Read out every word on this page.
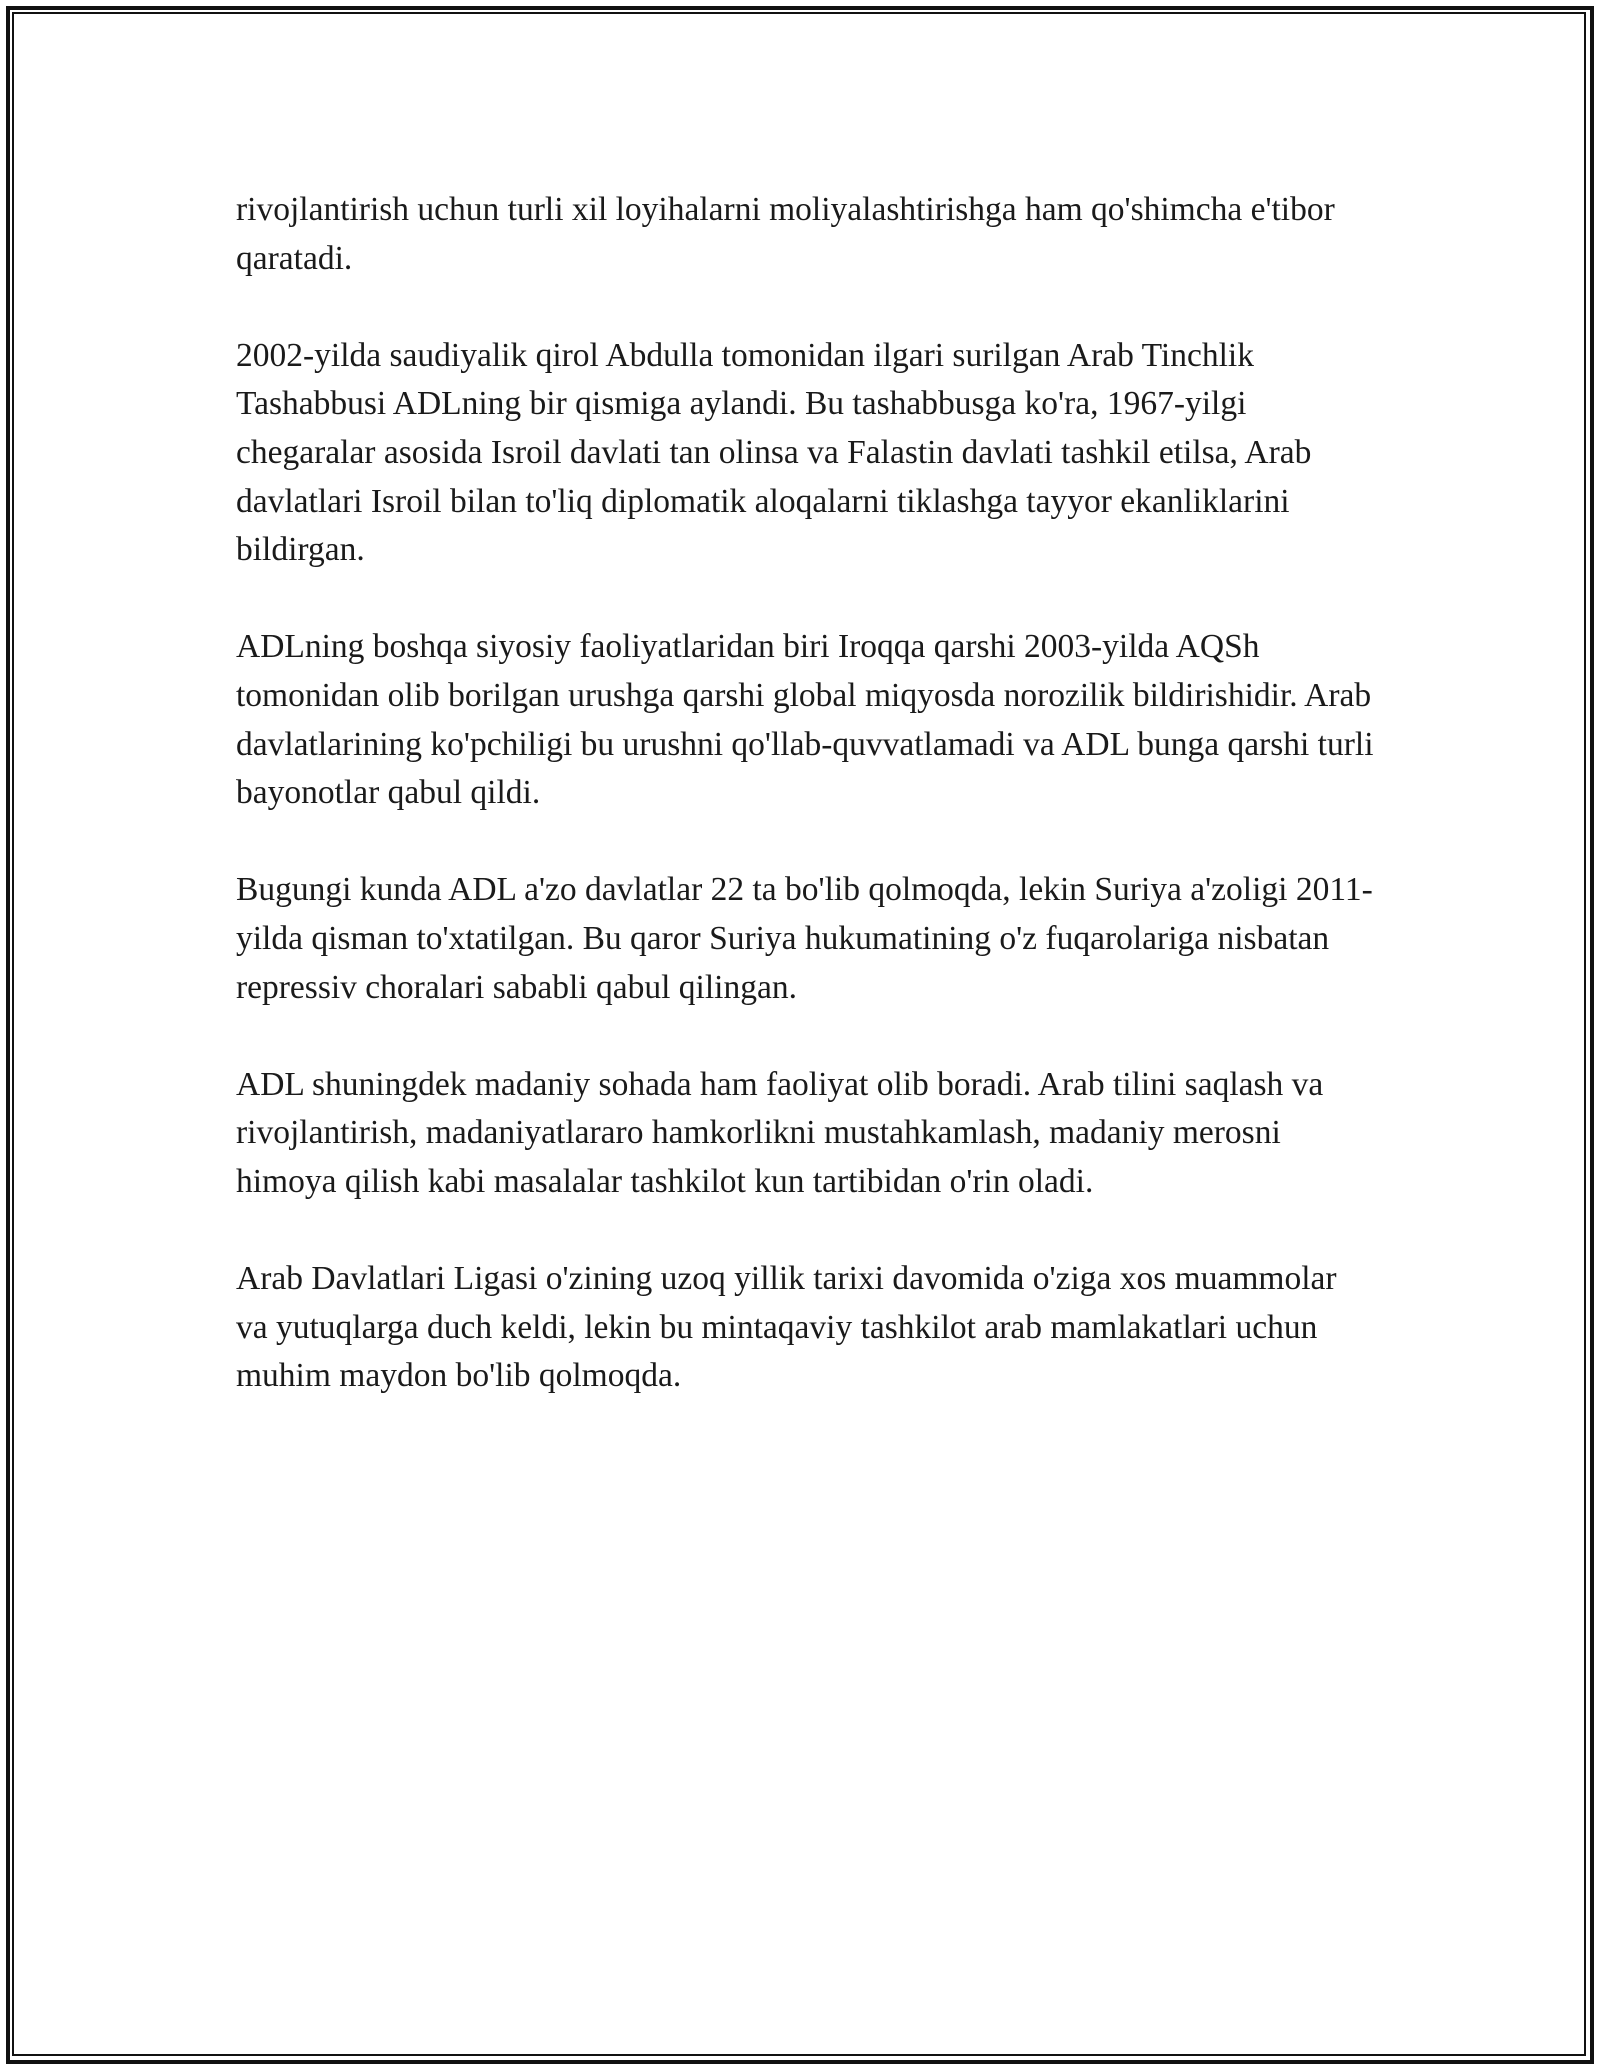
rivojlantirish uchun turli xil loyihalarni moliyalashtirishga ham qo'shimcha e'tibor qaratadi.

2002-yilda saudiyalik qirol Abdulla tomonidan ilgari surilgan Arab Tinchlik Tashabbusi ADLning bir qismiga aylandi. Bu tashabbusga ko'ra, 1967-yilgi chegaralar asosida Isroil davlati tan olinsa va Falastin davlati tashkil etilsa, Arab davlatlari Isroil bilan to'liq diplomatik aloqalarni tiklashga tayyor ekanliklarini bildirgan.

ADLning boshqa siyosiy faoliyatlaridan biri Iroqqa qarshi 2003-yilda AQSh tomonidan olib borilgan urushga qarshi global miqyosda norozilik bildirishidir. Arab davlatlarining ko'pchiligi bu urushni qo'llab-quvvatlamadi va ADL bunga qarshi turli bayonotlar qabul qildi.

Bugungi kunda ADL a'zo davlatlar 22 ta bo'lib qolmoqda, lekin Suriya a'zoligi 2011-yilda qisman to'xtatilgan. Bu qaror Suriya hukumatining o'z fuqarolariga nisbatan repressiv choralari sababli qabul qilingan.

ADL shuningdek madaniy sohada ham faoliyat olib boradi. Arab tilini saqlash va rivojlantirish, madaniyatlararo hamkorlikni mustahkamlash, madaniy merosni himoya qilish kabi masalalar tashkilot kun tartibidan o'rin oladi.

Arab Davlatlari Ligasi o'zining uzoq yillik tarixi davomida o'ziga xos muammolar va yutuqlarga duch keldi, lekin bu mintaqaviy tashkilot arab mamlakatlari uchun muhim maydon bo'lib qolmoqda.
